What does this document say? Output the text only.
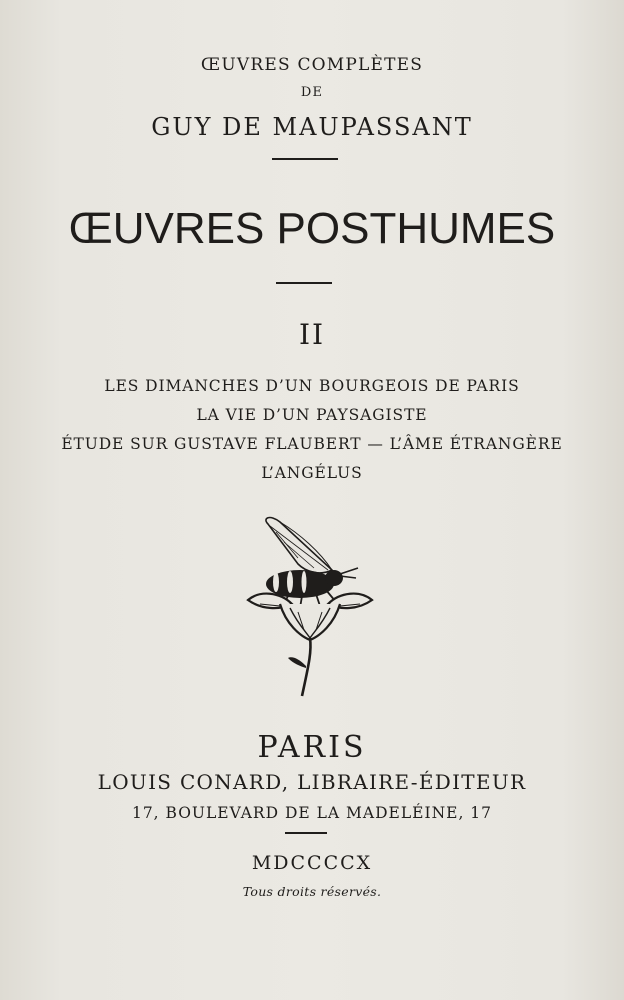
ŒUVRES COMPLÈTES
DE
GUY DE MAUPASSANT
ŒUVRES POSTHUMES
II
LES DIMANCHES D’UN BOURGEOIS DE PARIS
LA VIE D’UN PAYSAGISTE
ÉTUDE SUR GUSTAVE FLAUBERT — L’ÂME ÉTRANGÈRE
L’ANGÉLUS
PARIS
LOUIS CONARD, LIBRAIRE-ÉDITEUR
17, BOULEVARD DE LA MADELÉINE, 17
MDCCCCX
Tous droits réservés.
